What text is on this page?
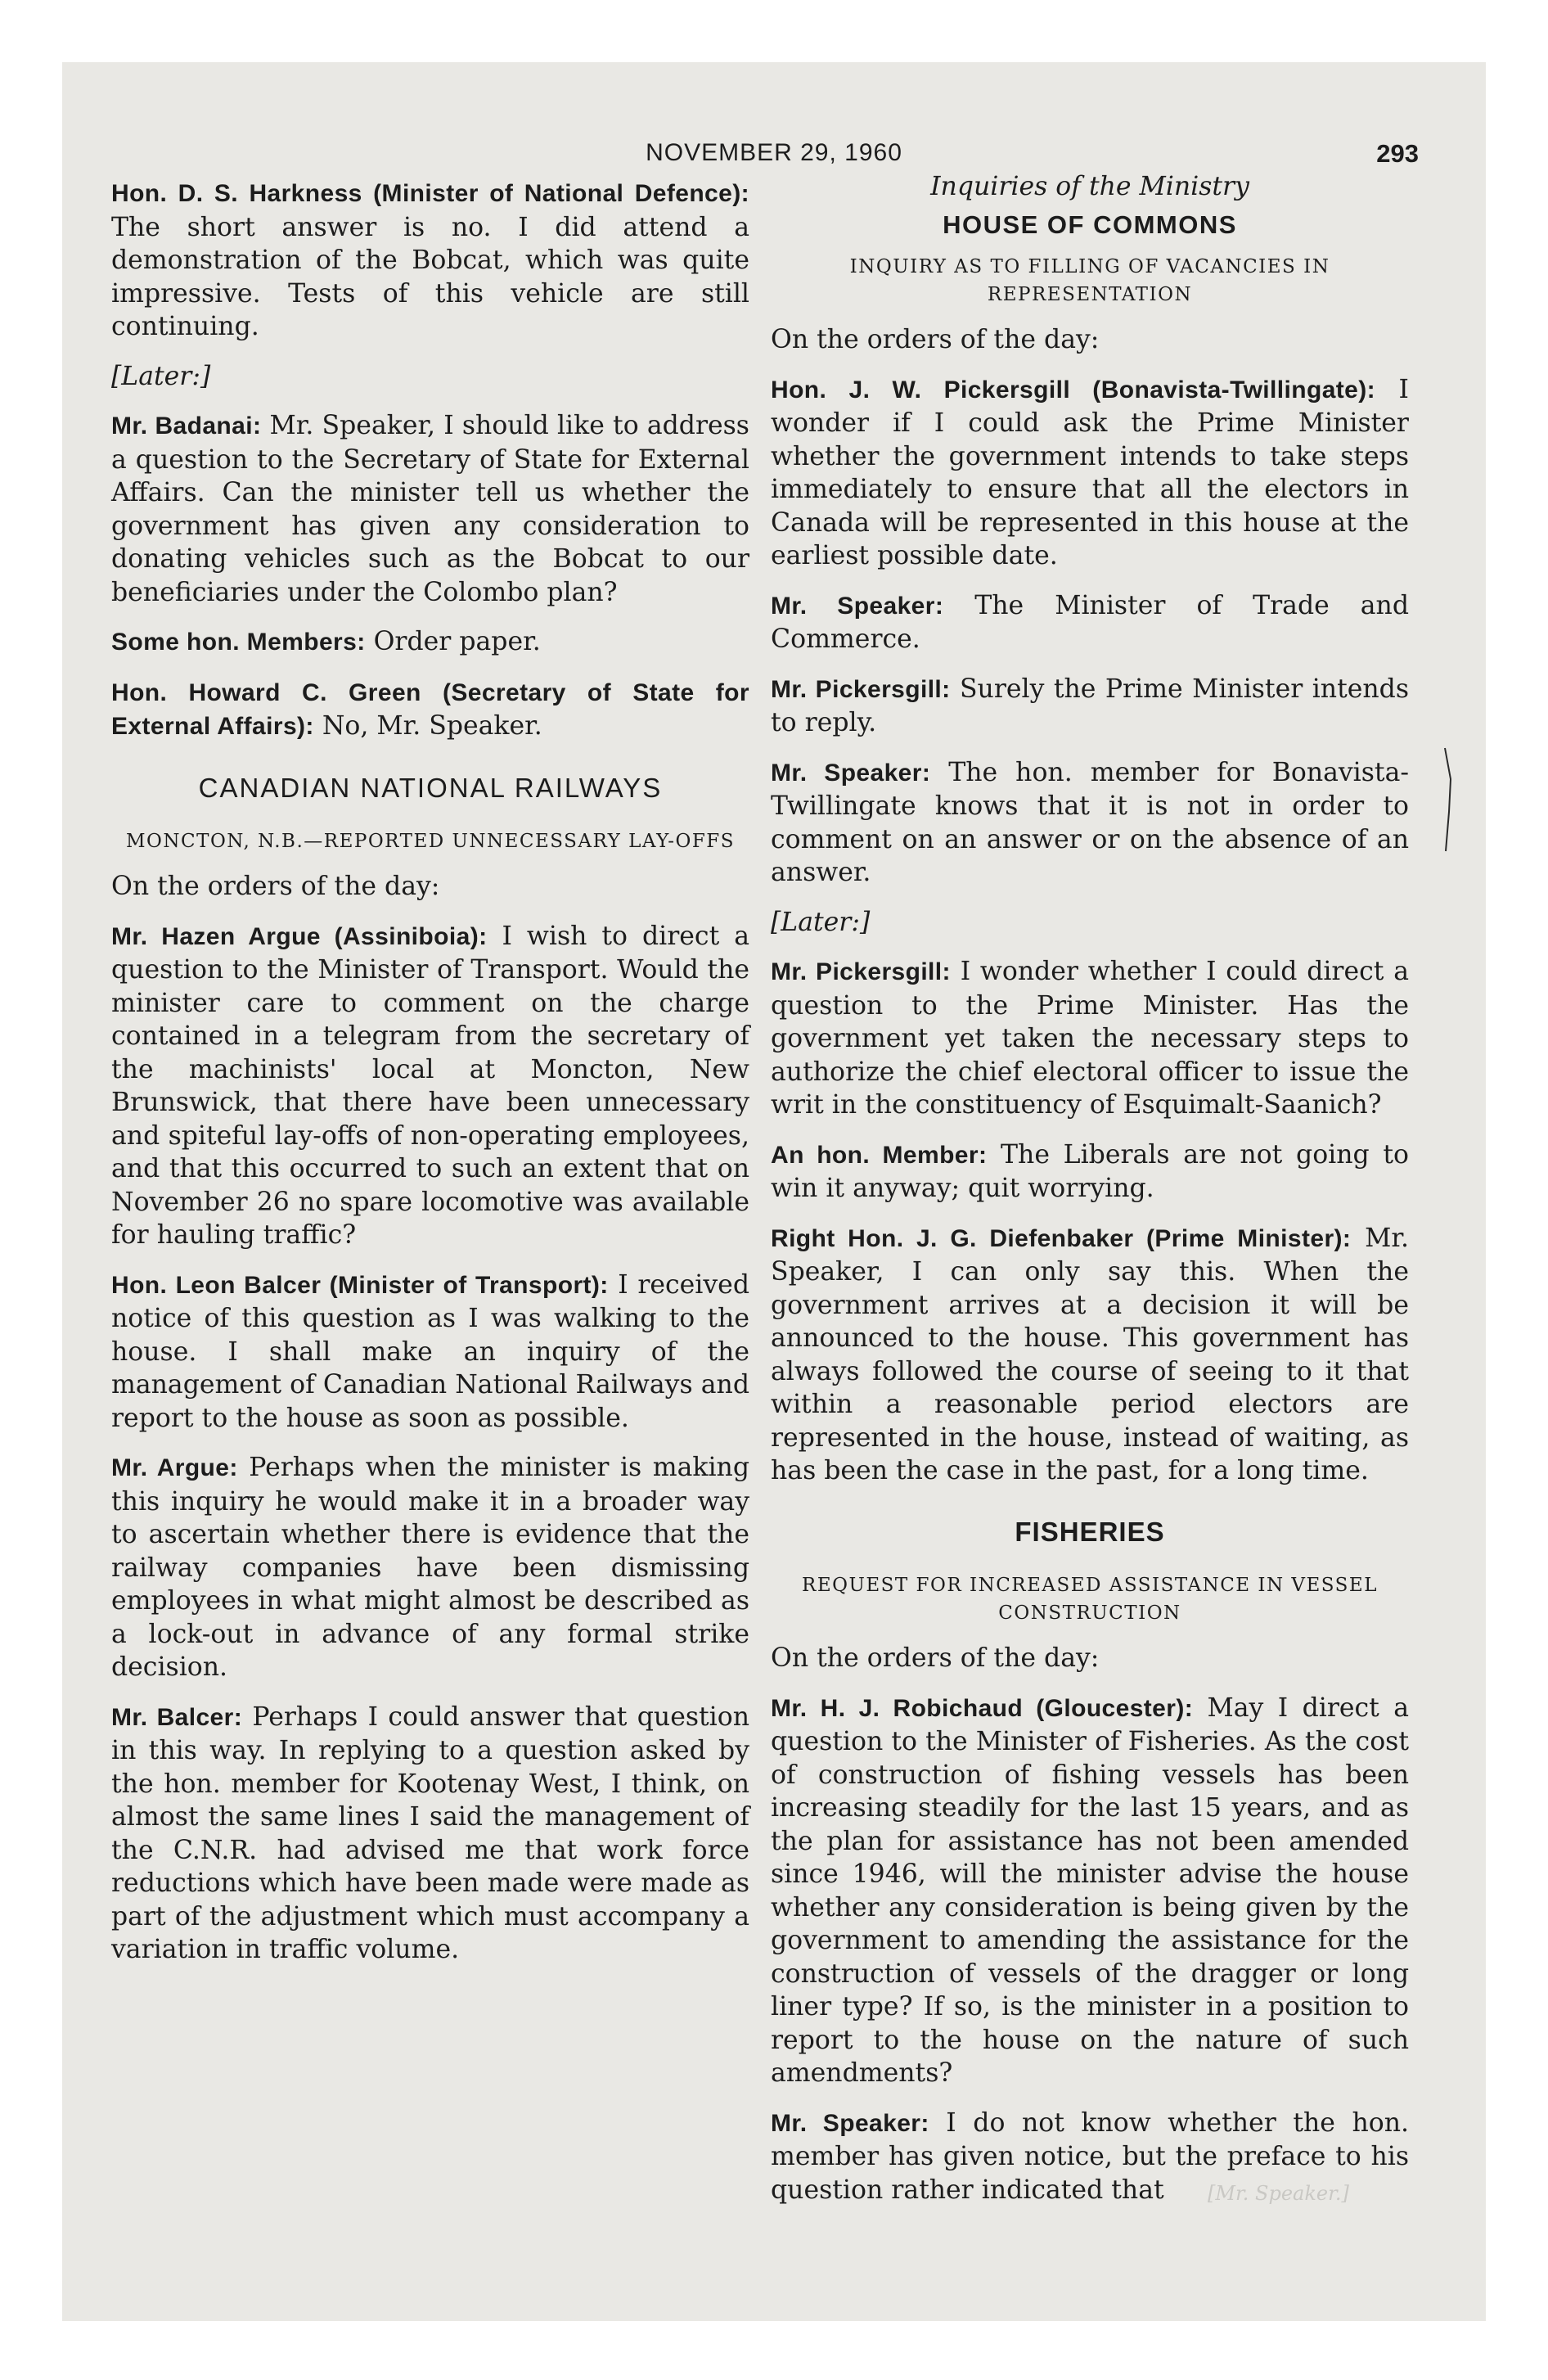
NOVEMBER 29, 1960	293

Hon. D. S. Harkness (Minister of National Defence): The short answer is no. I did attend a demonstration of the Bobcat, which was quite impressive. Tests of this vehicle are still continuing.

[Later:]

Mr. Badanai: Mr. Speaker, I should like to address a question to the Secretary of State for External Affairs. Can the minister tell us whether the government has given any consideration to donating vehicles such as the Bobcat to our beneficiaries under the Colombo plan?

Some hon. Members: Order paper.

Hon. Howard C. Green (Secretary of State for External Affairs): No, Mr. Speaker.

CANADIAN NATIONAL RAILWAYS
MONCTON, N.B.—REPORTED UNNECESSARY LAY-OFFS

On the orders of the day:

Mr. Hazen Argue (Assiniboia): I wish to direct a question to the Minister of Transport. Would the minister care to comment on the charge contained in a telegram from the secretary of the machinists' local at Moncton, New Brunswick, that there have been unnecessary and spiteful lay-offs of non-operating employees, and that this occurred to such an extent that on November 26 no spare locomotive was available for hauling traffic?

Hon. Leon Balcer (Minister of Transport): I received notice of this question as I was walking to the house. I shall make an inquiry of the management of Canadian National Railways and report to the house as soon as possible.

Mr. Argue: Perhaps when the minister is making this inquiry he would make it in a broader way to ascertain whether there is evidence that the railway companies have been dismissing employees in what might almost be described as a lock-out in advance of any formal strike decision.

Mr. Balcer: Perhaps I could answer that question in this way. In replying to a question asked by the hon. member for Kootenay West, I think, on almost the same lines I said the management of the C.N.R. had advised me that work force reductions which have been made were made as part of the adjustment which must accompany a variation in traffic volume.

Inquiries of the Ministry
HOUSE OF COMMONS
INQUIRY AS TO FILLING OF VACANCIES IN REPRESENTATION

On the orders of the day:

Hon. J. W. Pickersgill (Bonavista-Twillingate): I wonder if I could ask the Prime Minister whether the government intends to take steps immediately to ensure that all the electors in Canada will be represented in this house at the earliest possible date.

Mr. Speaker: The Minister of Trade and Commerce.

Mr. Pickersgill: Surely the Prime Minister intends to reply.

Mr. Speaker: The hon. member for Bonavista-Twillingate knows that it is not in order to comment on an answer or on the absence of an answer.

[Later:]

Mr. Pickersgill: I wonder whether I could direct a question to the Prime Minister. Has the government yet taken the necessary steps to authorize the chief electoral officer to issue the writ in the constituency of Esquimalt-Saanich?

An hon. Member: The Liberals are not going to win it anyway; quit worrying.

Right Hon. J. G. Diefenbaker (Prime Minister): Mr. Speaker, I can only say this. When the government arrives at a decision it will be announced to the house. This government has always followed the course of seeing to it that within a reasonable period electors are represented in the house, instead of waiting, as has been the case in the past, for a long time.

FISHERIES
REQUEST FOR INCREASED ASSISTANCE IN VESSEL CONSTRUCTION

On the orders of the day:

Mr. H. J. Robichaud (Gloucester): May I direct a question to the Minister of Fisheries. As the cost of construction of fishing vessels has been increasing steadily for the last 15 years, and as the plan for assistance has not been amended since 1946, will the minister advise the house whether any consideration is being given by the government to amending the assistance for the construction of vessels of the dragger or long liner type? If so, is the minister in a position to report to the house on the nature of such amendments?

Mr. Speaker: I do not know whether the hon. member has given notice, but the preface to his question rather indicated that	[Mr. Speaker.]
